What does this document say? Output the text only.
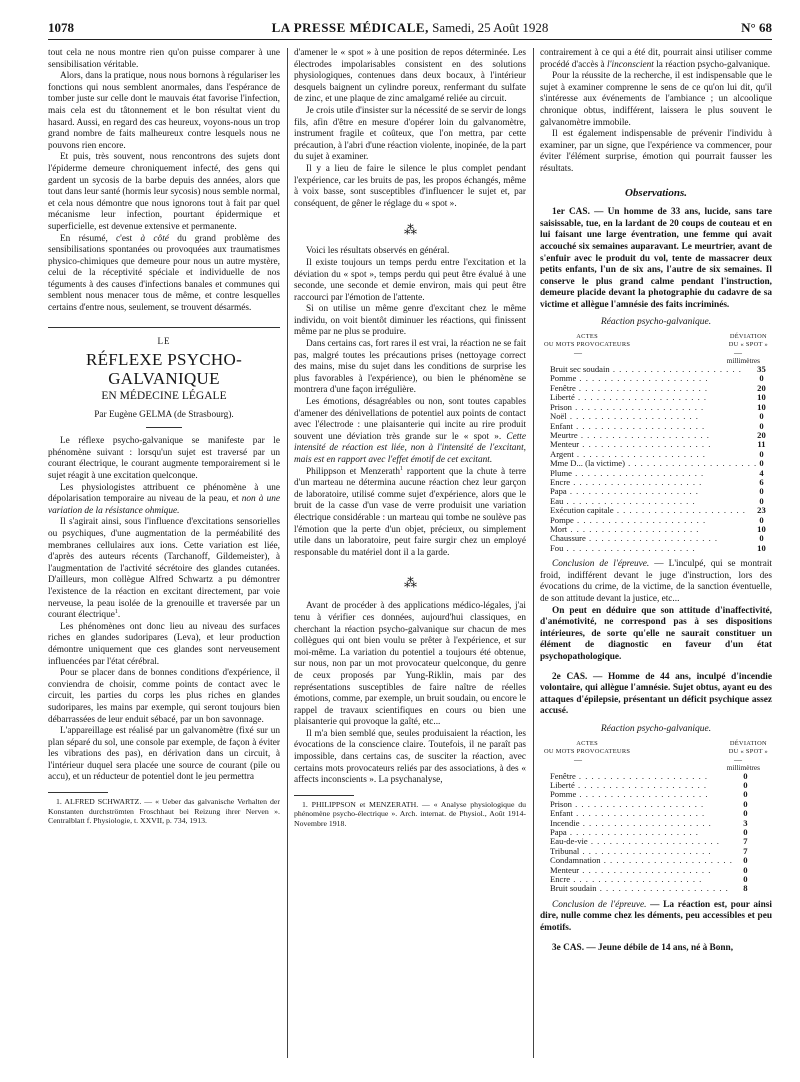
1078	LA PRESSE MÉDICALE, Samedi, 25 Août 1928	N° 68

tout cela ne nous montre rien qu'on puisse comparer à une sensibilisation véritable.

Alors, dans la pratique, nous nous bornons à régulariser les fonctions qui nous semblent anormales, dans l'espérance de tomber juste sur celle dont le mauvais état favorise l'infection, mais cela est du tâtonnement et le bon résultat vient du hasard. Aussi, en regard des cas heureux, voyons-nous un trop grand nombre de faits malheureux contre lesquels nous ne pouvons rien encore.

Et puis, très souvent, nous rencontrons des sujets dont l'épiderme demeure chroniquement infecté, des gens qui gardent un sycosis de la barbe depuis des années, alors que tout dans leur santé (hormis leur sycosis) nous semble normal, et cela nous démontre que nous ignorons tout à fait par quel mécanisme leur infection, pourtant épidermique et superficielle, est devenue extensive et permanente.

En résumé, c'est à côté du grand problème des sensibilisations spontanées ou provoquées aux traumatismes physico-chimiques que demeure pour nous un autre mystère, celui de la réceptivité spéciale et individuelle de nos téguments à des causes d'infections banales et communes qui semblent nous menacer tous de même, et contre lesquelles certains d'entre nous, seulement, se trouvent désarmés.

LE
RÉFLEXE PSYCHO-GALVANIQUE
EN MÉDECINE LÉGALE
Par Eugène GELMA (de Strasbourg).

Le réflexe psycho-galvanique se manifeste par le phénomène suivant : lorsqu'un sujet est traversé par un courant électrique, le courant augmente temporairement si le sujet réagit à une excitation quelconque.

Les physiologistes attribuent ce phénomène à une dépolarisation temporaire au niveau de la peau, et non à une variation de la résistance ohmique.

Il s'agirait ainsi, sous l'influence d'excitations sensorielles ou psychiques, d'une augmentation de la perméabilité des membranes cellulaires aux ions. Cette variation est liée, d'après des auteurs récents (Tarchanoff, Gildemeister), à l'augmentation de l'activité sécrétoire des glandes cutanées. D'ailleurs, mon collègue Alfred Schwartz a pu démontrer l'existence de la réaction en excitant directement, par voie nerveuse, la peau isolée de la grenouille et traversée par un courant électrique$^1$.

Les phénomènes ont donc lieu au niveau des surfaces riches en glandes sudoripares (Leva), et leur production démontre uniquement que ces glandes sont nerveusement influencées par l'état cérébral.

Pour se placer dans de bonnes conditions d'expérience, il conviendra de choisir, comme points de contact avec le circuit, les parties du corps les plus riches en glandes sudoripares, les mains par exemple, qui seront toujours bien débarrassées de leur enduit sébacé, par un bon savonnage.

L'appareillage est réalisé par un galvanomètre (fixé sur un plan séparé du sol, une console par exemple, de façon à éviter les vibrations des pas), en dérivation dans un circuit, à l'intérieur duquel sera placée une source de courant (pile ou accu), et un réducteur de potentiel dont le jeu permettra

1. ALFRED SCHWARTZ. — « Ueber das galvanische Verhalten der Konstanten durchströmten Froschhaut bei Reizung ihrer Nerven ». Centralblatt f. Physiologie, t. XXVII, p. 734, 1913.

d'amener le « spot » à une position de repos déterminée. Les électrodes impolarisables consistent en des solutions physiologiques, contenues dans deux bocaux, à l'intérieur desquels baignent un cylindre poreux, renfermant du sulfate de zinc, et une plaque de zinc amalgamé reliée au circuit.

Je crois utile d'insister sur la nécessité de se servir de longs fils, afin d'être en mesure d'opérer loin du galvanomètre, instrument fragile et coûteux, que l'on mettra, par cette précaution, à l'abri d'une réaction violente, inopinée, de la part du sujet à examiner.

Il y a lieu de faire le silence le plus complet pendant l'expérience, car les bruits de pas, les propos échangés, même à voix basse, sont susceptibles d'influencer le sujet et, par conséquent, de gêner le réglage du « spot ».

⁂

Voici les résultats observés en général.

Il existe toujours un temps perdu entre l'excitation et la déviation du « spot », temps perdu qui peut être évalué à une seconde, une seconde et demie environ, mais qui peut être raccourci par l'émotion de l'attente.

Si on utilise un même genre d'excitant chez le même individu, on voit bientôt diminuer les réactions, qui finissent même par ne plus se produire.

Dans certains cas, fort rares il est vrai, la réaction ne se fait pas, malgré toutes les précautions prises (nettoyage correct des mains, mise du sujet dans les conditions de surprise les plus favorables à l'expérience), ou bien le phénomène se montrera d'une façon irrégulière.

Les émotions, désagréables ou non, sont toutes capables d'amener des dénivellations de potentiel aux points de contact avec l'électrode : une plaisanterie qui incite au rire produit souvent une déviation très grande sur le « spot ». Cette intensité de réaction est liée, non à l'intensité de l'excitant, mais est en rapport avec l'effet émotif de cet excitant.

Philippson et Menzerath$^1$ rapportent que la chute à terre d'un marteau ne détermina aucune réaction chez leur garçon de laboratoire, utilisé comme sujet d'expérience, alors que le bruit de la casse d'un vase de verre produisit une variation électrique considérable : un marteau qui tombe ne soulève pas l'émotion que la perte d'un objet, précieux, ou simplement utile dans un laboratoire, peut faire surgir chez un employé responsable du matériel dont il a la garde.

⁂

Avant de procéder à des applications médico-légales, j'ai tenu à vérifier ces données, aujourd'hui classiques, en cherchant la réaction psycho-galvanique sur chacun de mes collègues qui ont bien voulu se prêter à l'expérience, et sur moi-même. La variation du potentiel a toujours été obtenue, sur nous, non par un mot provocateur quelconque, du genre de ceux proposés par Yung-Riklin, mais par des représentations susceptibles de faire naître de réelles émotions, comme, par exemple, un bruit soudain, ou encore le rappel de travaux scientifiques en cours ou bien une plaisanterie qui provoque la gaîté, etc...

Il m'a bien semblé que, seules produisaient la réaction, les évocations de la conscience claire. Toutefois, il ne paraît pas impossible, dans certains cas, de susciter la réaction, avec certains mots provocateurs reliés par des associations, à des « affects inconscients ». La psychanalyse,

1. PHILIPPSON et MENZERATH. — « Analyse physiologique du phénomène psycho-électrique ». Arch. internat. de Physiol., Août 1914-Novembre 1918.

contrairement à ce qui a été dit, pourrait ainsi utiliser comme procédé d'accès à l'inconscient la réaction psycho-galvanique.

Pour la réussite de la recherche, il est indispensable que le sujet à examiner comprenne le sens de ce qu'on lui dit, qu'il s'intéresse aux événements de l'ambiance ; un alcoolique chronique obtus, indifférent, laissera le plus souvent le galvanomètre immobile.

Il est également indispensable de prévenir l'individu à examiner, par un signe, que l'expérience va commencer, pour éviter l'élément surprise, émotion qui pourrait fausser les résultats.

Observations.

1er CAS. — Un homme de 33 ans, lucide, sans tare saisissable, tue, en la lardant de 20 coups de couteau et en lui faisant une large éventration, une femme qui avait accouché six semaines auparavant. Le meurtrier, avant de s'enfuir avec le produit du vol, tente de massacrer deux petits enfants, l'un de six ans, l'autre de six semaines. Il conserve le plus grand calme pendant l'instruction, demeure placide devant la photographie du cadavre de sa victime et allègue l'amnésie des faits incriminés.

Réaction psycho-galvanique.
ACTES
OU MOTS PROVOCATEURS
DÉVIATION
DU « SPOT »
—	—
millimètres
Bruit sec soudain . . . . . . . . . . . . . . . . . . . . .	35
Pomme . . . . . . . . . . . . . . . . . . . . .	0
Fenêtre . . . . . . . . . . . . . . . . . . . . .	20
Liberté . . . . . . . . . . . . . . . . . . . . .	10
Prison . . . . . . . . . . . . . . . . . . . . .	10
Noël . . . . . . . . . . . . . . . . . . . . .	0
Enfant . . . . . . . . . . . . . . . . . . . . .	0
Meurtre . . . . . . . . . . . . . . . . . . . . .	20
Menteur . . . . . . . . . . . . . . . . . . . . .	11
Argent . . . . . . . . . . . . . . . . . . . . .	0
Mme D... (la victime) . . . . . . . . . . . . . . . . . . . . .	0
Plume . . . . . . . . . . . . . . . . . . . . .	4
Encre . . . . . . . . . . . . . . . . . . . . .	6
Papa . . . . . . . . . . . . . . . . . . . . .	0
Eau . . . . . . . . . . . . . . . . . . . . .	0
Exécution capitale . . . . . . . . . . . . . . . . . . . . .	23
Pompe . . . . . . . . . . . . . . . . . . . . .	0
Mort . . . . . . . . . . . . . . . . . . . . .	10
Chaussure . . . . . . . . . . . . . . . . . . . . .	0
Fou . . . . . . . . . . . . . . . . . . . . .	10

Conclusion de l'épreuve. — L'inculpé, qui se montrait froid, indifférent devant le juge d'instruction, lors des évocations du crime, de la victime, de la sanction éventuelle, de son attitude devant la justice, etc...

On peut en déduire que son attitude d'inaffectivité, d'anémotivité, ne correspond pas à ses dispositions intérieures, de sorte qu'elle ne saurait constituer un élément de diagnostic en faveur d'un état psychopathologique.

2e CAS. — Homme de 44 ans, inculpé d'incendie volontaire, qui allègue l'amnésie. Sujet obtus, ayant eu des attaques d'épilepsie, présentant un déficit psychique assez accusé.

Réaction psycho-galvanique.
ACTES
OU MOTS PROVOCATEURS
DÉVIATION
DU « SPOT »
—	—
millimètres
Fenêtre . . . . . . . . . . . . . . . . . . . . .	0
Liberté . . . . . . . . . . . . . . . . . . . . .	0
Pomme . . . . . . . . . . . . . . . . . . . . .	0
Prison . . . . . . . . . . . . . . . . . . . . .	0
Enfant . . . . . . . . . . . . . . . . . . . . .	0
Incendie . . . . . . . . . . . . . . . . . . . . .	3
Papa . . . . . . . . . . . . . . . . . . . . .	0
Eau-de-vie . . . . . . . . . . . . . . . . . . . . .	7
Tribunal . . . . . . . . . . . . . . . . . . . . .	7
Condamnation . . . . . . . . . . . . . . . . . . . . .	0
Menteur . . . . . . . . . . . . . . . . . . . . .	0
Encre . . . . . . . . . . . . . . . . . . . . .	0
Bruit soudain . . . . . . . . . . . . . . . . . . . . .	8

Conclusion de l'épreuve. — La réaction est, pour ainsi dire, nulle comme chez les déments, peu accessibles et peu émotifs.

3e CAS. — Jeune débile de 14 ans, né à Bonn,
